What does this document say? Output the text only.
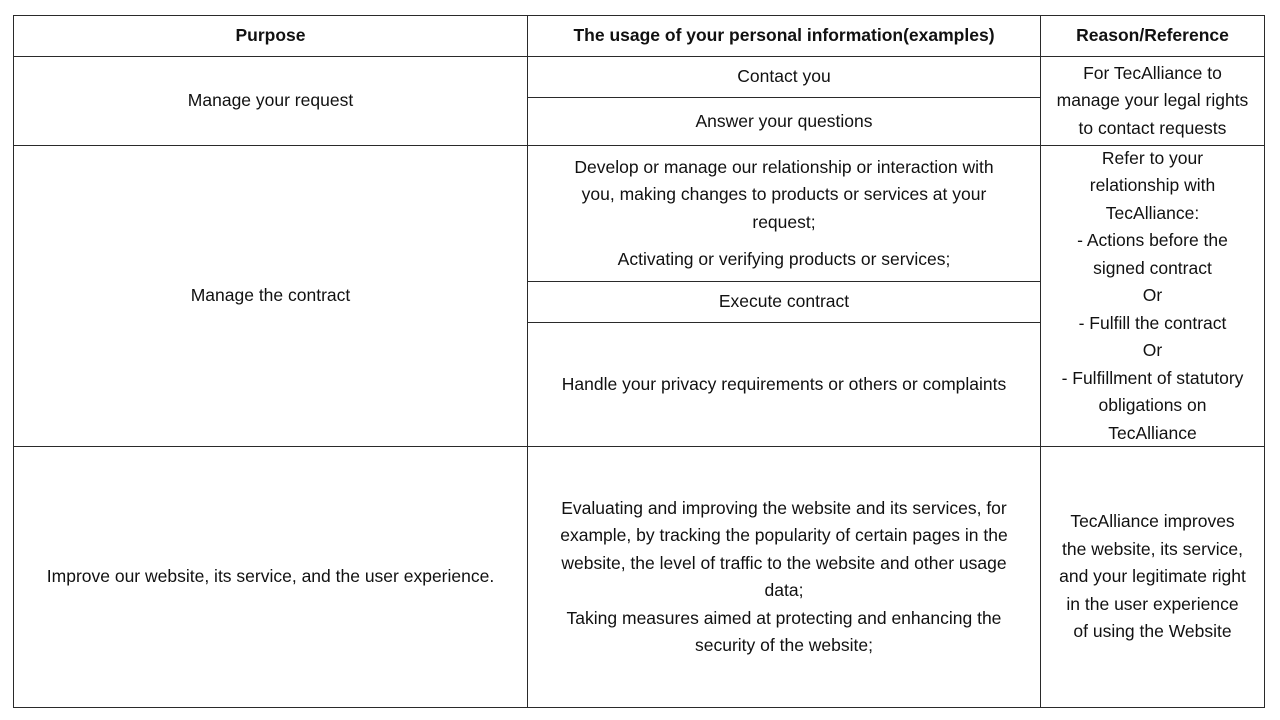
Purpose	The usage of your personal information(examples)	Reason/Reference
Manage your request
Contact you
Answer your questions
For TecAlliance to
manage your legal rights
to contact requests
Manage the contract
Develop or manage our relationship or interaction with
you, making changes to products or services at your
request;
Activating or verifying products or services;
Execute contract
Handle your privacy requirements or others or complaints
Refer to your
relationship with
TecAlliance:
- Actions before the
signed contract
Or
- Fulfill the contract
Or
- Fulfillment of statutory
obligations on
TecAlliance
Improve our website, its service, and the user experience.
Evaluating and improving the website and its services, for
example, by tracking the popularity of certain pages in the
website, the level of traffic to the website and other usage
data;
Taking measures aimed at protecting and enhancing the
security of the website;
TecAlliance improves
the website, its service,
and your legitimate right
in the user experience
of using the Website
